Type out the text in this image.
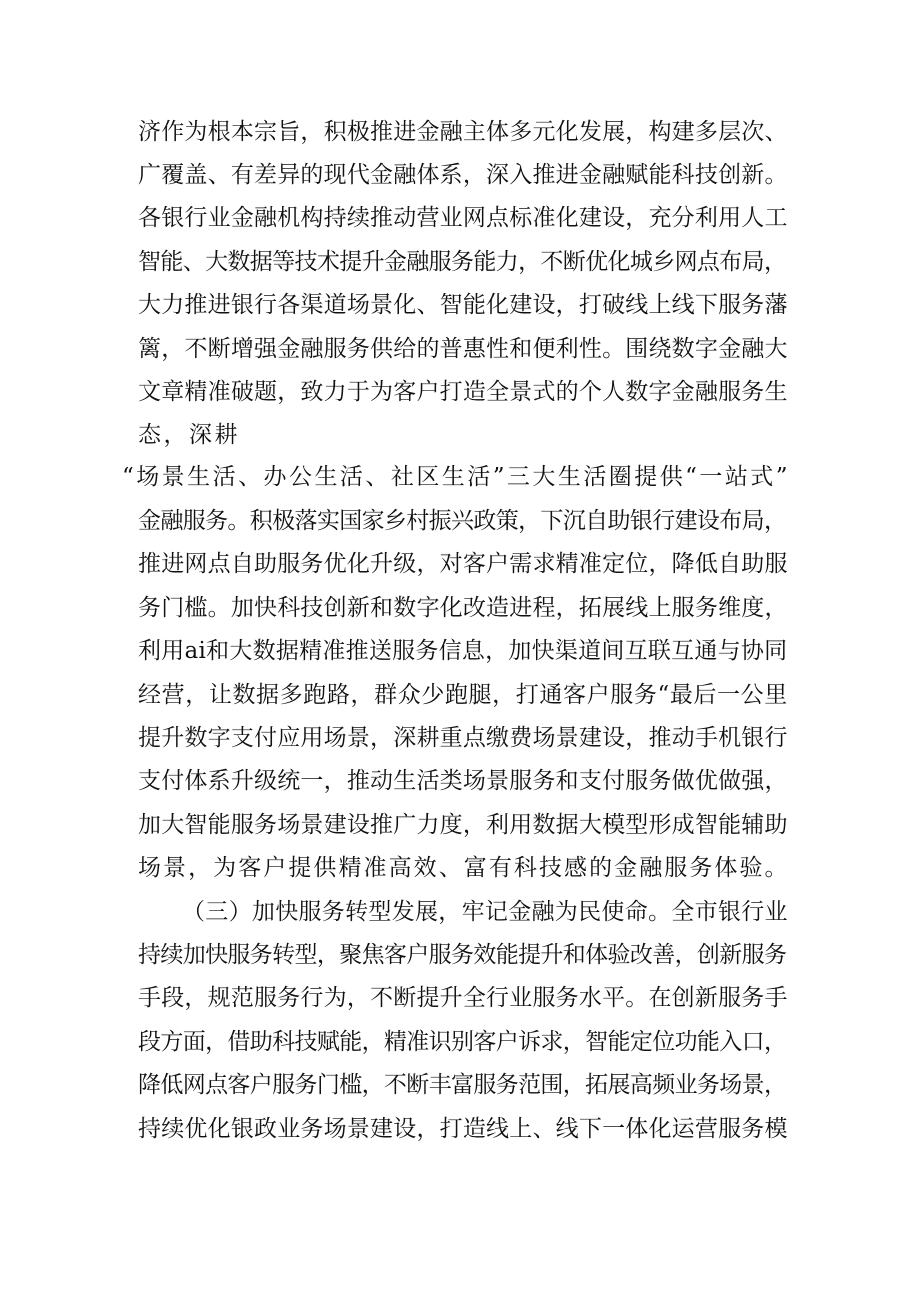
济作为根本宗旨，积极推进金融主体多元化发展，构建多层次、
广覆盖、有差异的现代金融体系，深入推进金融赋能科技创新。
各银行业金融机构持续推动营业网点标准化建设，充分利用人工
智能、大数据等技术提升金融服务能力，不断优化城乡网点布局，
大力推进银行各渠道场景化、智能化建设，打破线上线下服务藩
篱，不断增强金融服务供给的普惠性和便利性。围绕数字金融大
文章精准破题，致力于为客户打造全景式的个人数字金融服务生
态，深耕
“场景生活、办公生活、社区生活”三大生活圈提供“一站式”
金融服务。积极落实国家乡村振兴政策，下沉自助银行建设布局，
推进网点自助服务优化升级，对客户需求精准定位，降低自助服
务门槛。加快科技创新和数字化改造进程，拓展线上服务维度，
利用ai和大数据精准推送服务信息，加快渠道间互联互通与协同
经营，让数据多跑路，群众少跑腿，打通客户服务“最后一公里
提升数字支付应用场景，深耕重点缴费场景建设，推动手机银行
支付体系升级统一，推动生活类场景服务和支付服务做优做强，
加大智能服务场景建设推广力度，利用数据大模型形成智能辅助
场景，为客户提供精准高效、富有科技感的金融服务体验。
（三）加快服务转型发展，牢记金融为民使命。全市银行业
持续加快服务转型，聚焦客户服务效能提升和体验改善，创新服务
手段，规范服务行为，不断提升全行业服务水平。在创新服务手
段方面，借助科技赋能，精准识别客户诉求，智能定位功能入口，
降低网点客户服务门槛，不断丰富服务范围，拓展高频业务场景，
持续优化银政业务场景建设，打造线上、线下一体化运营服务模
